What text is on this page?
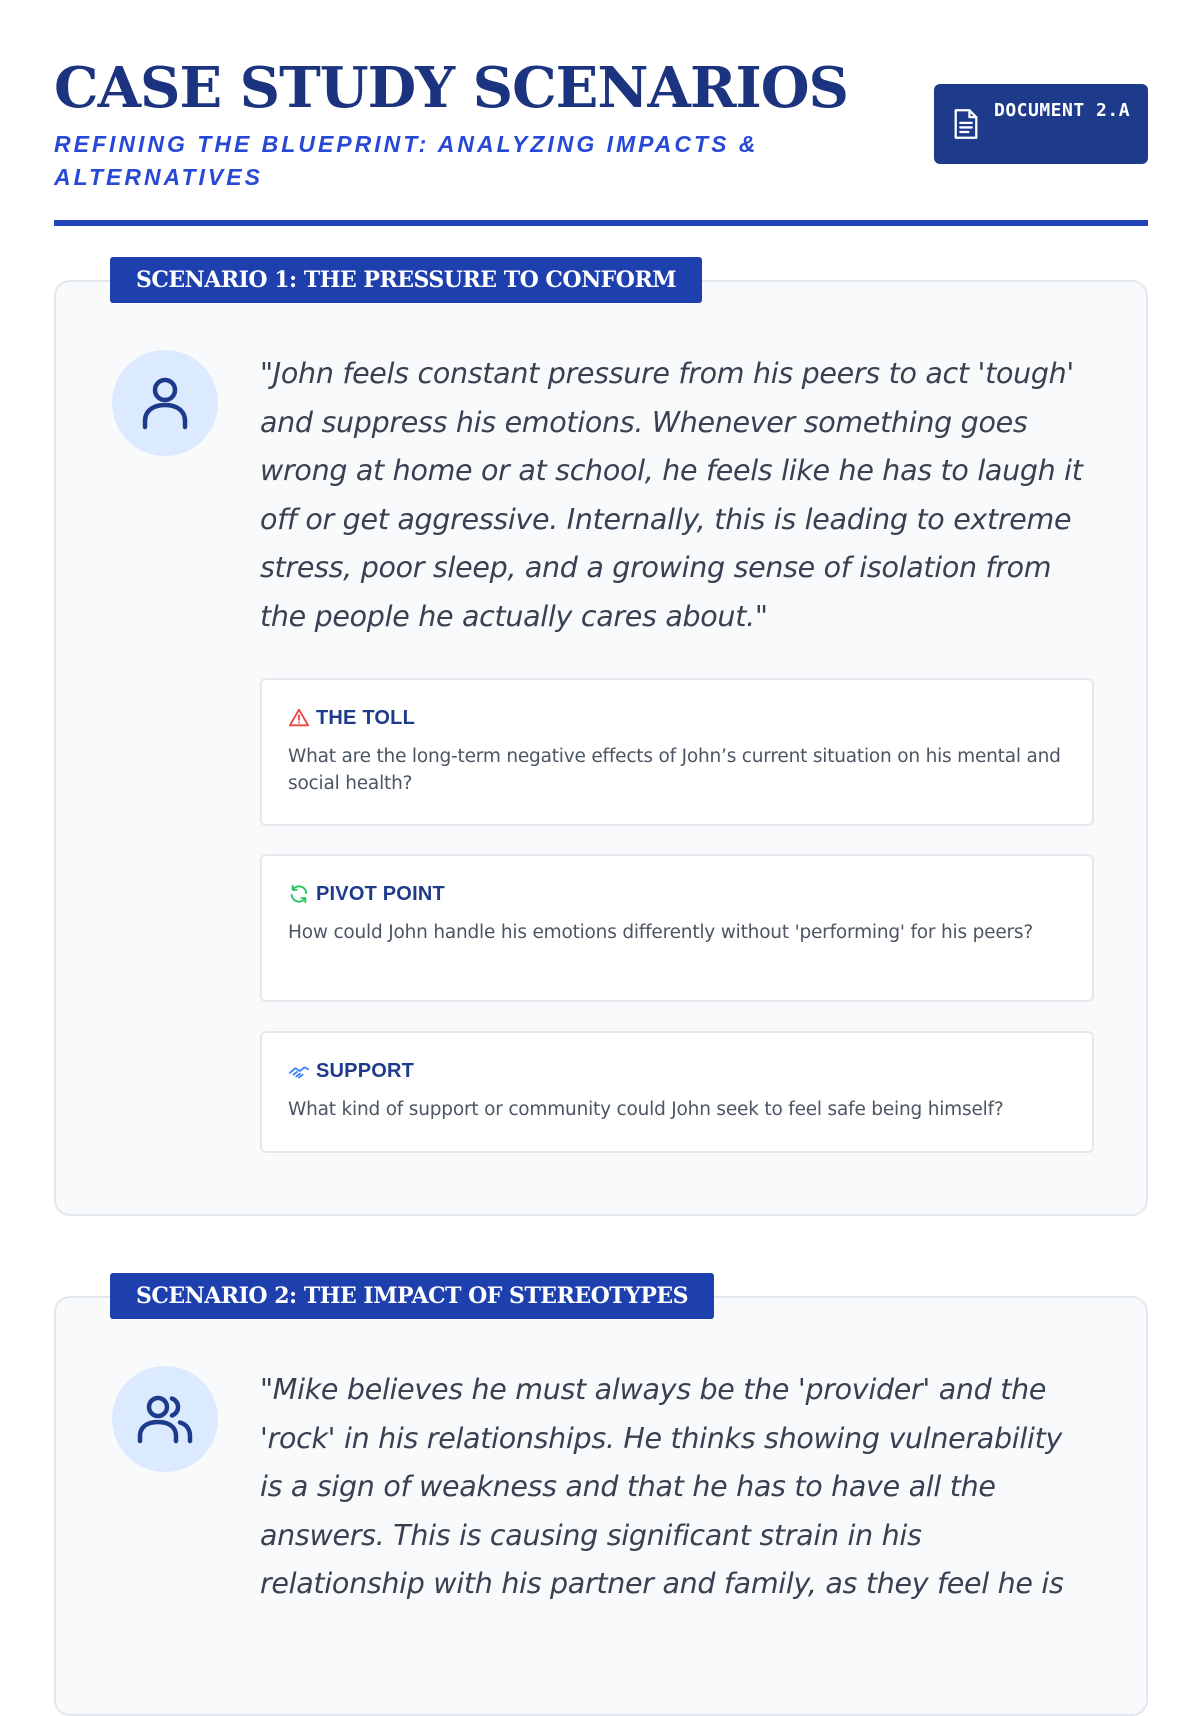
CASE STUDY SCENARIOS
REFINING THE BLUEPRINT: ANALYZING IMPACTS & ALTERNATIVES
DOCUMENT 2.A
SCENARIO 1: THE PRESSURE TO CONFORM

"John feels constant pressure from his peers to act 'tough' and suppress his emotions. Whenever something goes wrong at home or at school, he feels like he has to laugh it off or get aggressive. Internally, this is leading to extreme stress, poor sleep, and a growing sense of isolation from the people he actually cares about."

THE TOLL
What are the long-term negative effects of John’s current situation on his mental and social health?
PIVOT POINT
How could John handle his emotions differently without 'performing' for his peers?
SUPPORT
What kind of support or community could John seek to feel safe being himself?
SCENARIO 2: THE IMPACT OF STEREOTYPES

"Mike believes he must always be the 'provider' and the 'rock' in his relationships. He thinks showing vulnerability is a sign of weakness and that he has to have all the answers. This is causing significant strain in his relationship with his partner and family, as they feel he is
